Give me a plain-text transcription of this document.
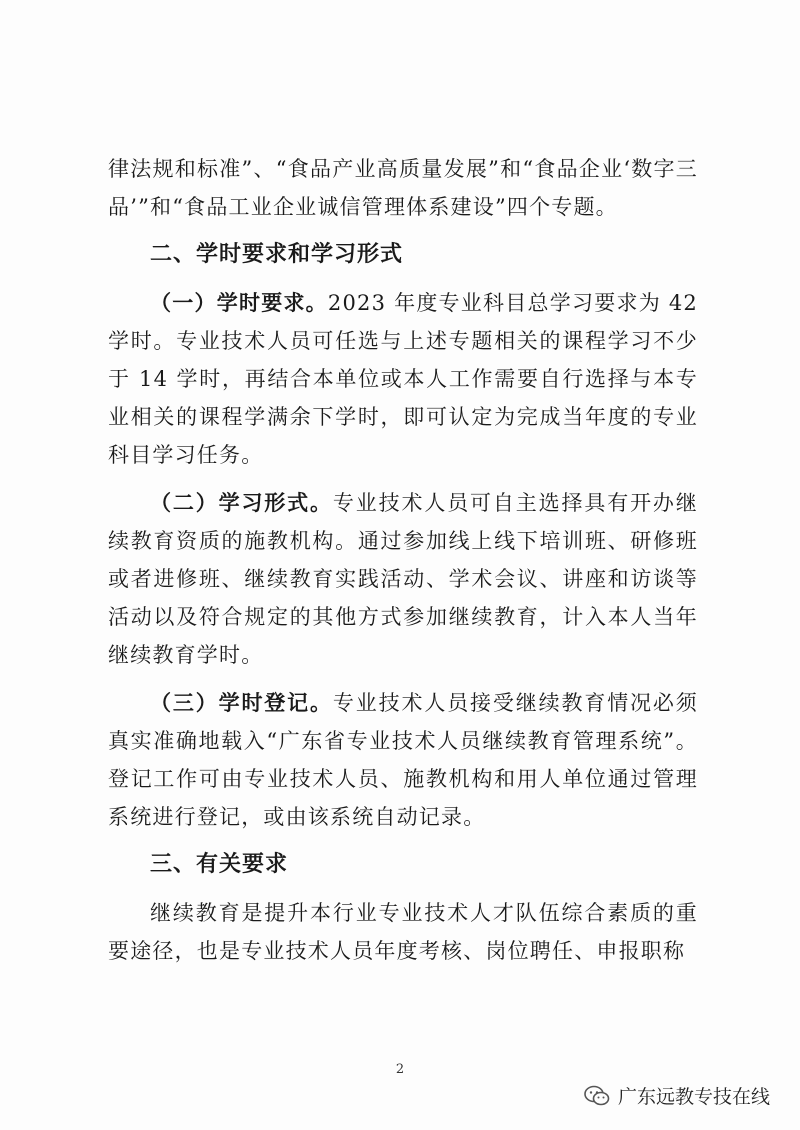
律法规和标准”、“食品产业高质量发展”和“食品企业‘数字三品’”和“食品工业企业诚信管理体系建设”四个专题。

二、学时要求和学习形式

（一）学时要求。2023 年度专业科目总学习要求为 42 学时。专业技术人员可任选与上述专题相关的课程学习不少于 14 学时，再结合本单位或本人工作需要自行选择与本专业相关的课程学满余下学时，即可认定为完成当年度的专业科目学习任务。

（二）学习形式。专业技术人员可自主选择具有开办继续教育资质的施教机构。通过参加线上线下培训班、研修班或者进修班、继续教育实践活动、学术会议、讲座和访谈等活动以及符合规定的其他方式参加继续教育，计入本人当年继续教育学时。

（三）学时登记。专业技术人员接受继续教育情况必须真实准确地载入“广东省专业技术人员继续教育管理系统”。登记工作可由专业技术人员、施教机构和用人单位通过管理系统进行登记，或由该系统自动记录。

三、有关要求

继续教育是提升本行业专业技术人才队伍综合素质的重要途径，也是专业技术人员年度考核、岗位聘任、申报职称

2
广东远教专技在线
